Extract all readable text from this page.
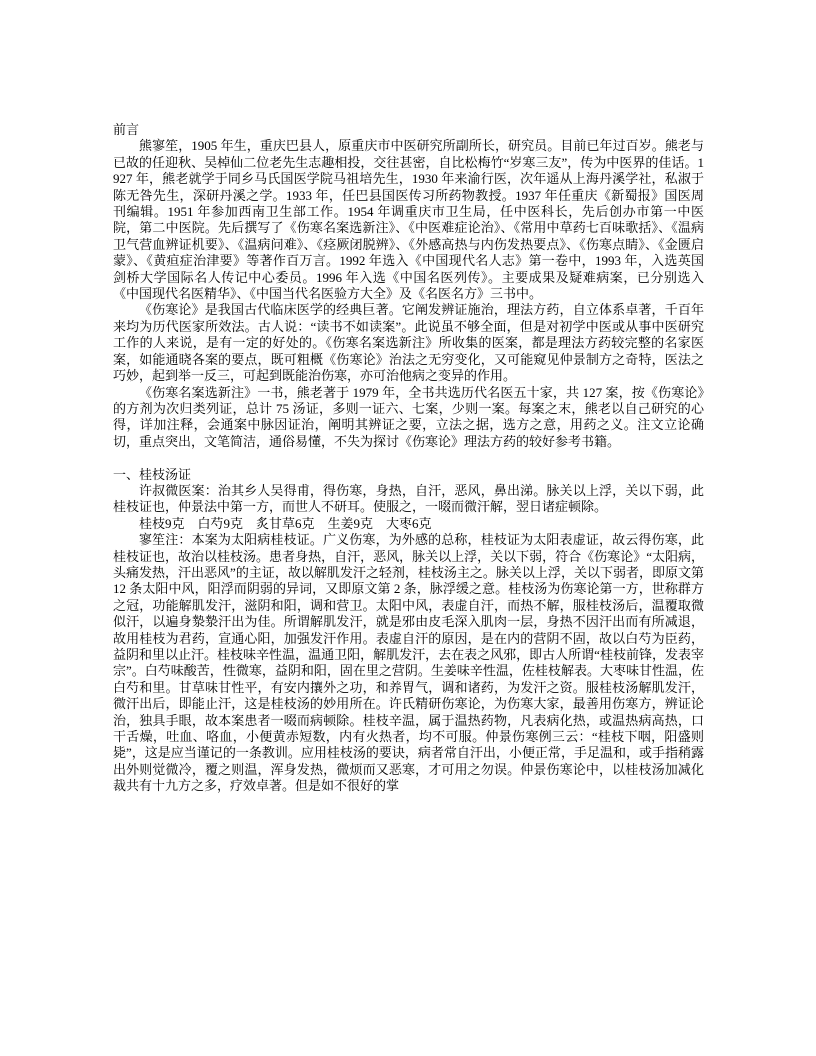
前言

熊寥笙，1905 年生，重庆巴县人，原重庆市中医研究所副所长，研究员。目前已年过百岁。熊老与已故的任迎秋、吴棹仙二位老先生志趣相投，交往甚密，自比松梅竹“岁寒三友”，传为中医界的佳话。1927 年，熊老就学于同乡马氏国医学院马祖培先生，1930 年来渝行医，次年遥从上海丹溪学社，私淑于陈无咎先生，深研丹溪之学。1933 年，任巴县国医传习所药物教授。1937 年任重庆《新蜀报》国医周刊编辑。1951 年参加西南卫生部工作。1954 年调重庆市卫生局，任中医科长，先后创办市第一中医院，第二中医院。先后撰写了《伤寒名案选新注》、《中医难症论治》、《常用中草药七百味歌括》、《温病卫气营血辨证机要》、《温病问难》、《痉厥闭脱辨》、《外感高热与内伤发热要点》、《伤寒点睛》、《金匮启蒙》、《黄疸症治津要》等著作百万言。1992 年选入《中国现代名人志》第一卷中，1993 年，入选英国剑桥大学国际名人传记中心委员。1996 年入选《中国名医列传》。主要成果及疑难病案，已分别选入《中国现代名医精华》、《中国当代名医验方大全》及《名医名方》三书中。

《伤寒论》是我国古代临床医学的经典巨著。它阐发辨证施治，理法方药，自立体系卓著，千百年来均为历代医家所效法。古人说：“读书不如读案”。此说虽不够全面，但是对初学中医或从事中医研究工作的人来说，是有一定的好处的。《伤寒名案选新注》所收集的医案，都是理法方药较完整的名家医案，如能通晓各案的要点，既可粗概《伤寒论》治法之无穷变化，又可能窥见仲景制方之奇特，医法之巧妙，起到举一反三，可起到既能治伤寒，亦可治他病之变异的作用。

《伤寒名案选新注》一书，熊老著于 1979 年，全书共选历代名医五十家，共 127 案，按《伤寒论》的方剂为次归类列证，总计 75 汤证，多则一证六、七案，少则一案。每案之末，熊老以自己研究的心得，详加注释，会通案中脉因证治，阐明其辨证之要，立法之据，选方之意，用药之义。注文立论确切，重点突出，文笔简洁，通俗易懂，不失为探讨《伤寒论》理法方药的较好参考书籍。

一、桂枝汤证

许叔微医案：治其乡人吴得甫，得伤寒，身热，自汗，恶风，鼻出涕。脉关以上浮，关以下弱，此桂枝证也，仲景法中第一方，而世人不研耳。使服之，一啜而微汗解，翌日诸症顿除。

桂枝9克　白芍9克　炙甘草6克　生姜9克　大枣6克

寥笙注：本案为太阳病桂枝证。广义伤寒，为外感的总称，桂枝证为太阳表虚证，故云得伤寒，此桂枝证也，故治以桂枝汤。患者身热，自汗，恶风，脉关以上浮，关以下弱，符合《伤寒论》“太阳病，头痛发热，汗出恶风”的主证，故以解肌发汗之轻剂，桂枝汤主之。脉关以上浮，关以下弱者，即原文第 12 条太阳中风，阳浮而阴弱的异词，又即原文第 2 条，脉浮缓之意。桂枝汤为伤寒论第一方，世称群方之冠，功能解肌发汗，滋阴和阳，调和营卫。太阳中风，表虚自汗，而热不解，服桂枝汤后，温覆取微似汗，以遍身漐漐汗出为佳。所谓解肌发汗，就是邪由皮毛深入肌肉一层，身热不因汗出而有所减退，故用桂枝为君药，宣通心阳，加强发汗作用。表虚自汗的原因，是在内的营阴不固，故以白芍为臣药，益阴和里以止汗。桂枝味辛性温，温通卫阳，解肌发汗，去在表之风邪，即古人所谓“桂枝前锋，发表宰宗”。白芍味酸苦，性微寒，益阴和阳，固在里之营阴。生姜味辛性温，佐桂枝解表。大枣味甘性温，佐白芍和里。甘草味甘性平，有安内攘外之功，和养胃气，调和诸药，为发汗之资。服桂枝汤解肌发汗，微汗出后，即能止汗，这是桂枝汤的妙用所在。许氏精研伤寒论，为伤寒大家，最善用伤寒方，辨证论治，独具手眼，故本案患者一啜而病顿除。桂枝辛温，属于温热药物，凡表病化热，或温热病高热，口干舌燥，吐血、咯血，小便黄赤短数，内有火热者，均不可服。仲景伤寒例三云：“桂枝下咽，阳盛则毙”，这是应当谨记的一条教训。应用桂枝汤的要诀，病者常自汗出，小便正常，手足温和，或手指稍露出外则觉微冷，覆之则温，浑身发热，微烦而又恶寒，才可用之勿误。仲景伤寒论中，以桂枝汤加减化裁共有十九方之多，疗效卓著。但是如不很好的掌
